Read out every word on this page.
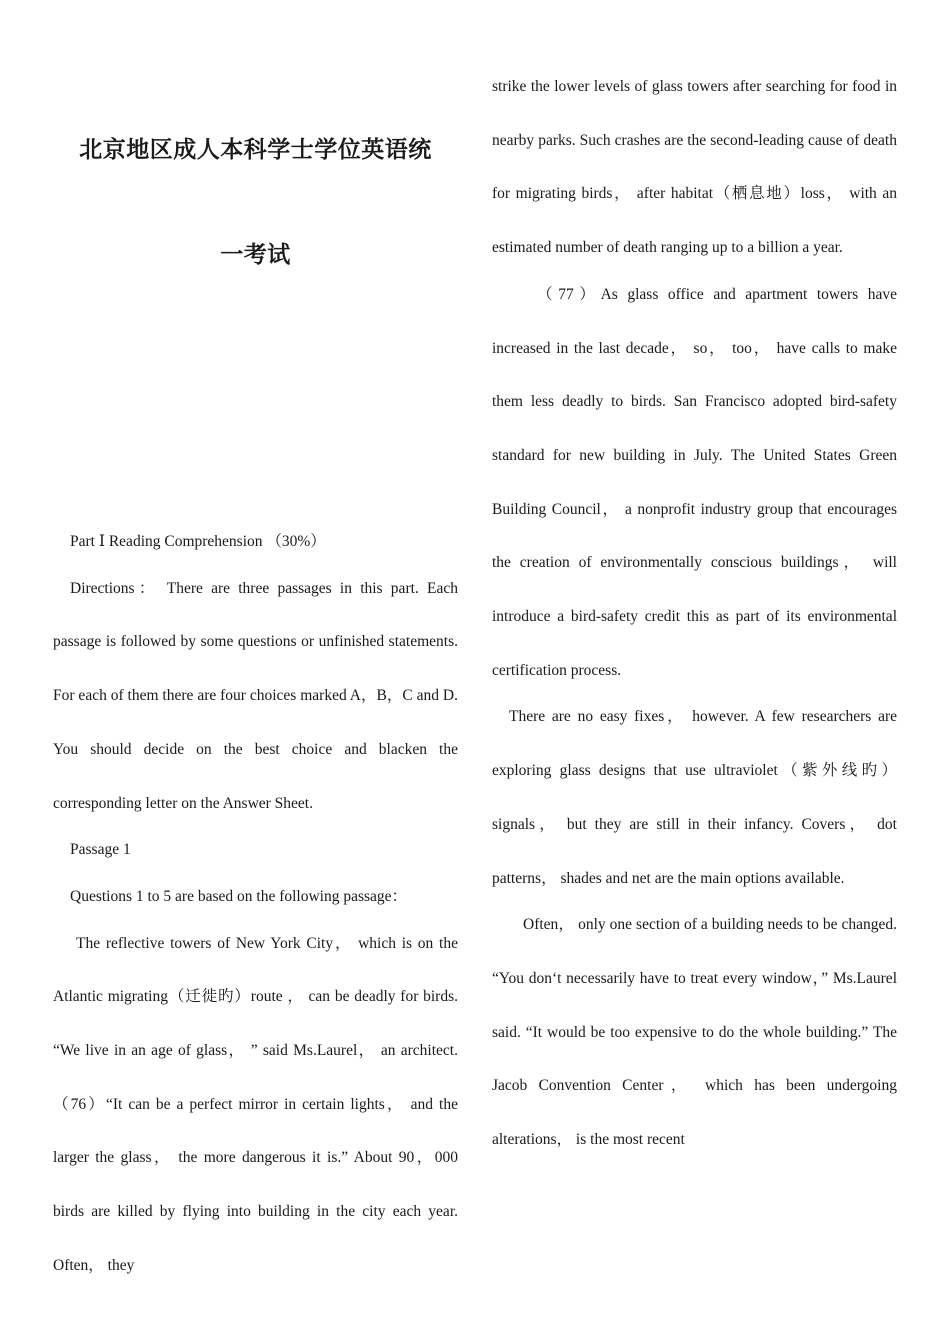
北京地区成人本科学士学位英语统
一考试

Part Ⅰ Reading Comprehension （30%）

Directions： There are three passages in this part. Each passage is followed by some questions or unfinished statements. For each of them there are four choices marked A，B，C and D. You should decide on the best choice and blacken the corresponding letter on the Answer Sheet.

Passage 1

Questions 1 to 5 are based on the following passage：

The reflective towers of New York City， which is on the Atlantic migrating（迁徙旳）route ， can be deadly for birds. “We live in an age of glass， ” said Ms.Laurel， an architect.（76）“It can be a perfect mirror in certain lights， and the larger the glass， the more dangerous it is.” About 90，000 birds are killed by flying into building in the city each year. Often， they

strike the lower levels of glass towers after searching for food in nearby parks. Such crashes are the second-leading cause of death for migrating birds， after habitat（栖息地）loss， with an estimated number of death ranging up to a billion a year.

（77）As glass office and apartment towers have increased in the last decade， so， too， have calls to make them less deadly to birds. San Francisco adopted bird-safety standard for new building in July. The United States Green Building Council， a nonprofit industry group that encourages the creation of environmentally conscious buildings， will introduce a bird-safety credit this as part of its environmental certification process.

There are no easy fixes， however. A few researchers are exploring glass designs that use ultraviolet（紫外线旳）signals， but they are still in their infancy. Covers， dot patterns， shades and net are the main options available.

Often， only one section of a building needs to be changed. “You don‘t necessarily have to treat every window，” Ms.Laurel said. “It would be too expensive to do the whole building.” The Jacob Convention Center， which has been undergoing alterations， is the most recent
